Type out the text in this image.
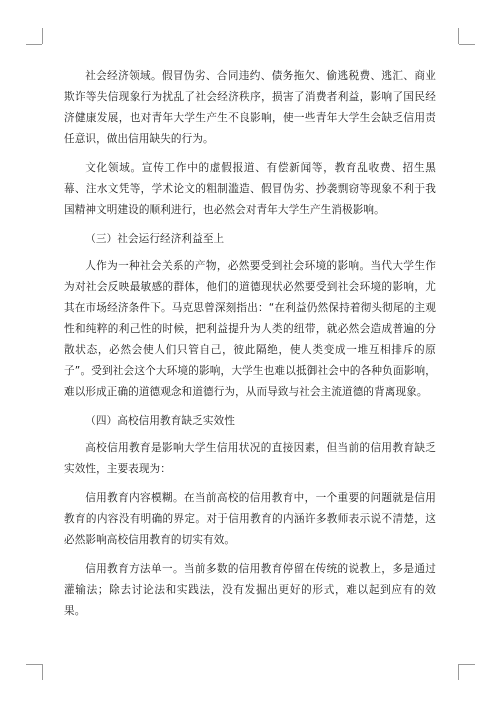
社会经济领域。假冒伪劣、合同违约、债务拖欠、偷逃税费、逃汇、商业欺诈等失信现象行为扰乱了社会经济秩序，损害了消费者利益，影响了国民经济健康发展，也对青年大学生产生不良影响，使一些青年大学生会缺乏信用责任意识，做出信用缺失的行为。

文化领域。宣传工作中的虚假报道、有偿新闻等，教育乱收费、招生黑幕、注水文凭等，学术论文的粗制滥造、假冒伪劣、抄袭剽窃等现象不利于我国精神文明建设的顺利进行，也必然会对青年大学生产生消极影响。

（三）社会运行经济利益至上

人作为一种社会关系的产物，必然要受到社会环境的影响。当代大学生作为对社会反映最敏感的群体，他们的道德现状必然要受到社会环境的影响，尤其在市场经济条件下。马克思曾深刻指出：“在利益仍然保持着彻头彻尾的主观性和纯粹的利己性的时候，把利益提升为人类的纽带，就必然会造成普遍的分散状态，必然会使人们只管自己，彼此隔绝，使人类变成一堆互相排斥的原子”。受到社会这个大环境的影响，大学生也难以抵御社会中的各种负面影响，难以形成正确的道德观念和道德行为，从而导致与社会主流道德的背离现象。

（四）高校信用教育缺乏实效性

高校信用教育是影响大学生信用状况的直接因素，但当前的信用教育缺乏实效性，主要表现为：

信用教育内容模糊。在当前高校的信用教育中，一个重要的问题就是信用教育的内容没有明确的界定。对于信用教育的内涵许多教师表示说不清楚，这必然影响高校信用教育的切实有效。

信用教育方法单一。当前多数的信用教育停留在传统的说教上，多是通过灌输法；除去讨论法和实践法，没有发掘出更好的形式，难以起到应有的效果。
